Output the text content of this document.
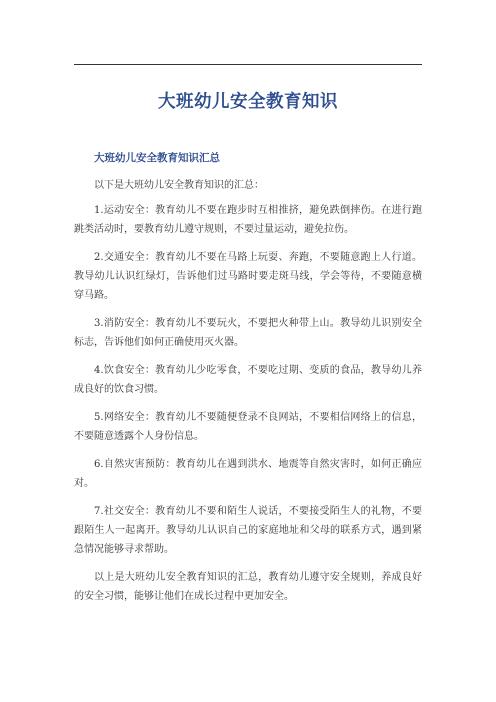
大班幼儿安全教育知识
大班幼儿安全教育知识汇总

以下是大班幼儿安全教育知识的汇总：

1.运动安全：教育幼儿不要在跑步时互相推挤，避免跌倒摔伤。在进行跑跳类活动时，要教育幼儿遵守规则，不要过量运动，避免拉伤。

2.交通安全：教育幼儿不要在马路上玩耍、奔跑，不要随意跑上人行道。教导幼儿认识红绿灯，告诉他们过马路时要走斑马线，学会等待，不要随意横穿马路。

3.消防安全：教育幼儿不要玩火，不要把火种带上山。教导幼儿识别安全标志，告诉他们如何正确使用灭火器。

4.饮食安全：教育幼儿少吃零食，不要吃过期、变质的食品，教导幼儿养成良好的饮食习惯。

5.网络安全：教育幼儿不要随便登录不良网站，不要相信网络上的信息，不要随意透露个人身份信息。

6.自然灾害预防：教育幼儿在遇到洪水、地震等自然灾害时，如何正确应对。

7.社交安全：教育幼儿不要和陌生人说话，不要接受陌生人的礼物，不要跟陌生人一起离开。教导幼儿认识自己的家庭地址和父母的联系方式，遇到紧急情况能够寻求帮助。

以上是大班幼儿安全教育知识的汇总，教育幼儿遵守安全规则，养成良好的安全习惯，能够让他们在成长过程中更加安全。
